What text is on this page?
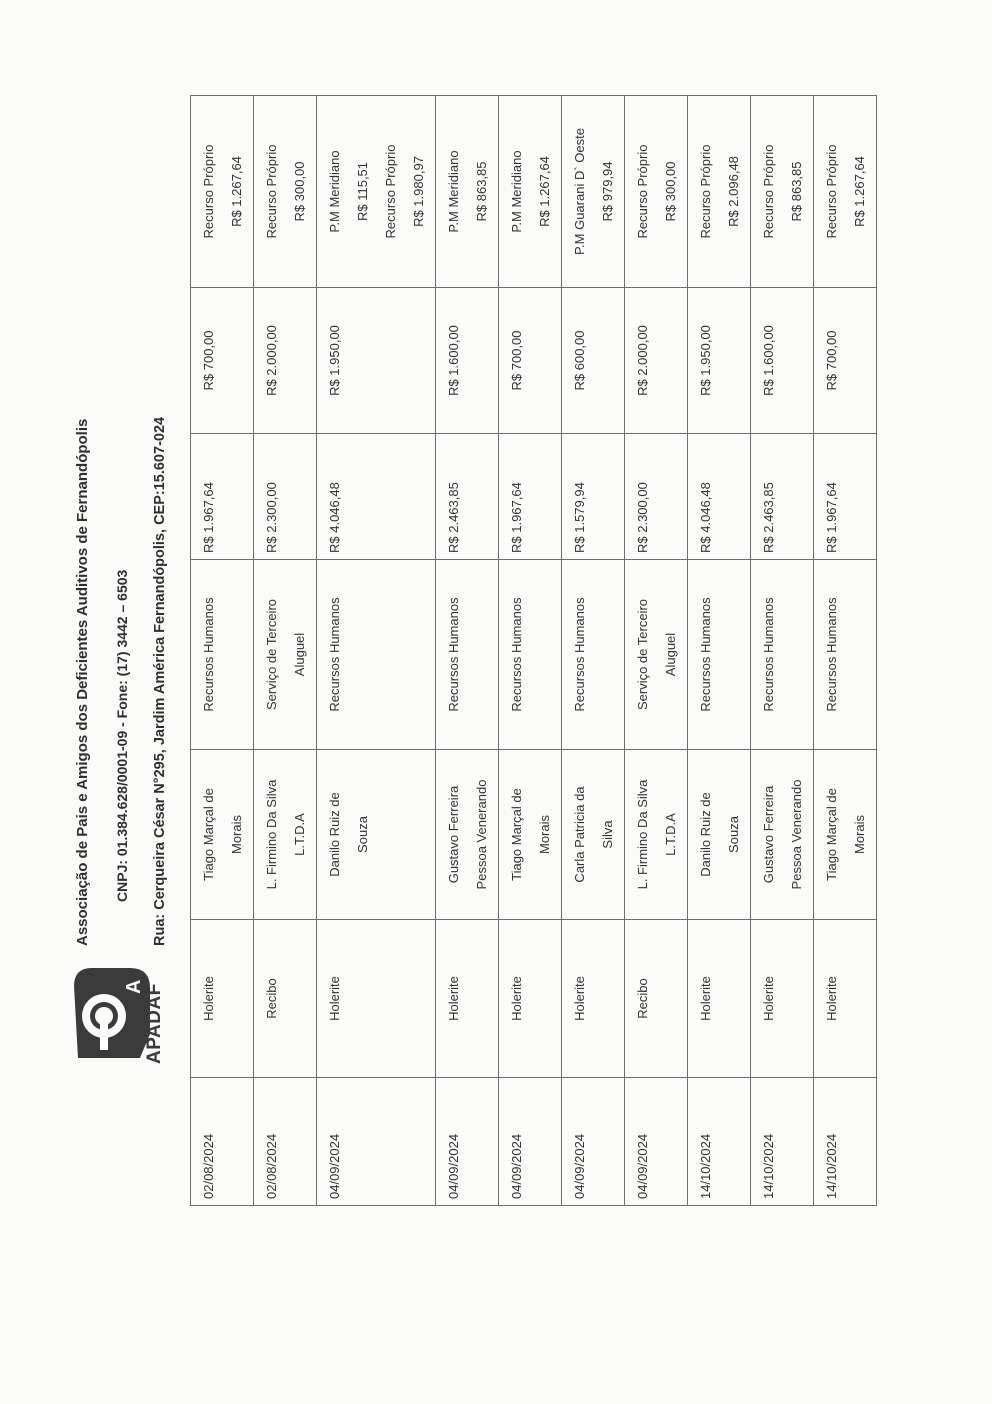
A APADAF
Associação de Pais e Amigos dos Deficientes Auditivos de Fernandópolis CNPJ: 01.384.628/0001-09 - Fone: (17) 3442 – 6503 Rua: Cerqueira César N°295, Jardim América Fernandópolis, CEP:15.607-024
02/08/2024	Holerite	Tiago Marçal de Morais	Recursos Humanos	R$ 1.967,64	R$ 700,00	Recurso Próprio R$ 1.267,64

02/08/2024	Recibo	L. Firmino Da Silva L.T.D.A	Serviço de Terceiro Aluguel	R$ 2.300,00	R$ 2.000,00	Recurso Próprio R$ 300,00

04/09/2024	Holerite	Danilo Ruiz de Souza	Recursos Humanos	R$ 4.046,48	R$ 1.950,00	P.M Meridiano R$ 115,51 Recurso Próprio R$ 1.980,97

04/09/2024	Holerite	Gustavo Ferreira Pessoa Venerando	Recursos Humanos	R$ 2.463,85	R$ 1.600,00	P.M Meridiano R$ 863,85

04/09/2024	Holerite	Tiago Marçal de Morais	Recursos Humanos	R$ 1.967,64	R$ 700,00	P.M Meridiano R$ 1.267,64

04/09/2024	Holerite	Carla Patricia da Silva	Recursos Humanos	R$ 1.579,94	R$ 600,00	P.M Guarani D` Oeste R$ 979,94

04/09/2024	Recibo	L. Firmino Da Silva L.T.D.A	Serviço de Terceiro Aluguel	R$ 2.300,00	R$ 2.000,00	Recurso Próprio R$ 300,00

14/10/2024	Holerite	Danilo Ruiz de Souza	Recursos Humanos	R$ 4.046,48	R$ 1.950,00	Recurso Próprio R$ 2.096,48

14/10/2024	Holerite	Gustavo Ferreira Pessoa Venerando	Recursos Humanos	R$ 2.463,85	R$ 1.600,00	Recurso Próprio R$ 863,85

14/10/2024	Holerite	Tiago Marçal de Morais	Recursos Humanos	R$ 1.967,64	R$ 700,00	Recurso Próprio R$ 1.267,64
